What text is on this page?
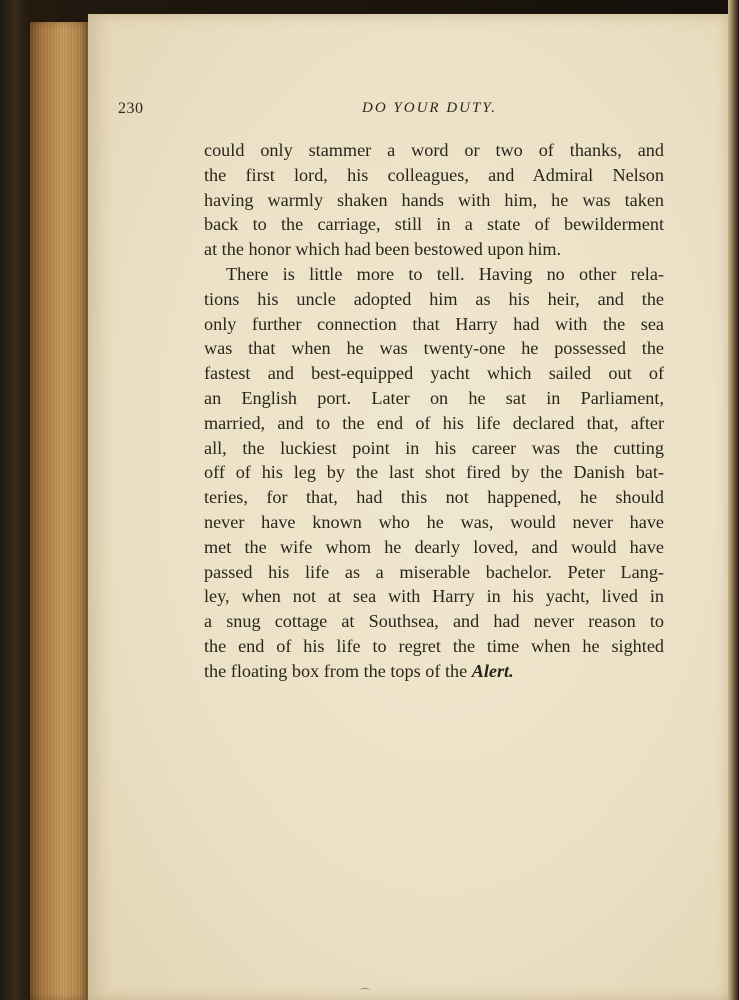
230	DO YOUR DUTY.
could only stammer a word or two of thanks, and
the first lord, his colleagues, and Admiral Nelson
having warmly shaken hands with him, he was taken
back to the carriage, still in a state of bewilderment
at the honor which had been bestowed upon him.
There is little more to tell. Having no other rela-
tions his uncle adopted him as his heir, and the
only further connection that Harry had with the sea
was that when he was twenty-one he possessed the
fastest and best-equipped yacht which sailed out of
an English port. Later on he sat in Parliament,
married, and to the end of his life declared that, after
all, the luckiest point in his career was the cutting
off of his leg by the last shot fired by the Danish bat-
teries, for that, had this not happened, he should
never have known who he was, would never have
met the wife whom he dearly loved, and would have
passed his life as a miserable bachelor. Peter Lang-
ley, when not at sea with Harry in his yacht, lived in
a snug cottage at Southsea, and had never reason to
the end of his life to regret the time when he sighted
the floating box from the tops of the Alert.
